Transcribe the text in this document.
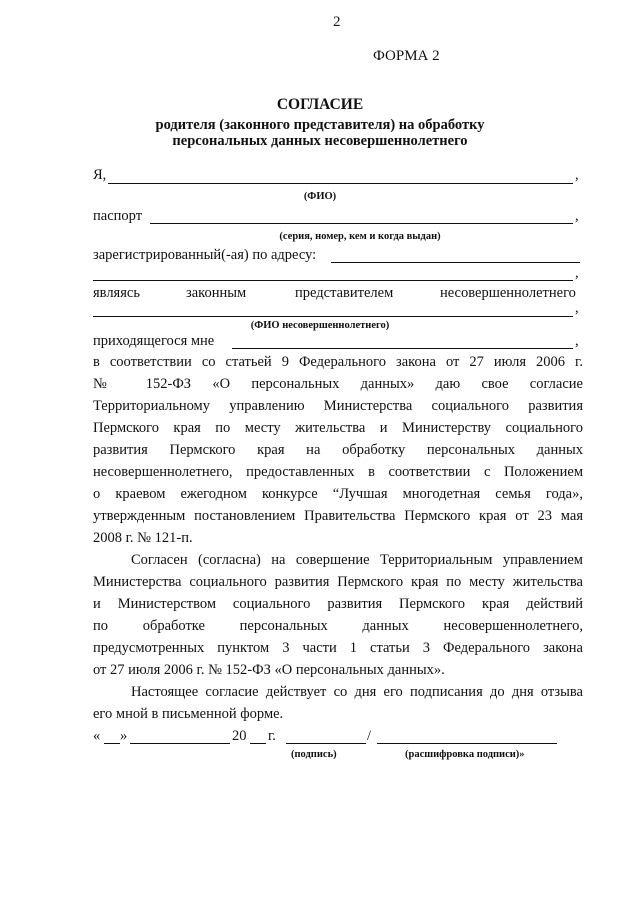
2
ФОРМА 2
СОГЛАСИЕ
родителя (законного представителя) на обработку
персональных данных несовершеннолетнего
Я,	,
(ФИО)
паспорт	,
(серия, номер, кем и когда выдан)
зарегистрированный(-ая) по адресу:
,
являясь	законным	представителем	несовершеннолетнего
,
(ФИО несовершеннолетнего)
приходящегося мне	,
в соответствии со статьей 9 Федерального закона от 27 июля 2006 г.
№ 152-ФЗ «О персональных данных» даю свое согласие
Территориальному управлению Министерства социального развития
Пермского края по месту жительства и Министерству социального
развития Пермского края на обработку персональных данных
несовершеннолетнего, предоставленных в соответствии с Положением
о краевом ежегодном конкурсе “Лучшая многодетная семья года»,
утвержденным постановлением Правительства Пермского края от 23 мая
2008 г. № 121-п.
Согласен (согласна) на совершение Территориальным управлением
Министерства социального развития Пермского края по месту жительства
и Министерством социального развития Пермского края действий
по обработке персональных данных несовершеннолетнего,
предусмотренных пунктом 3 части 1 статьи 3 Федерального закона
от 27 июля 2006 г. № 152-ФЗ «О персональных данных».
Настоящее согласие действует со дня его подписания до дня отзыва
его мной в письменной форме.
« »	20 г.	/
(подпись)	(расшифровка подписи)»
